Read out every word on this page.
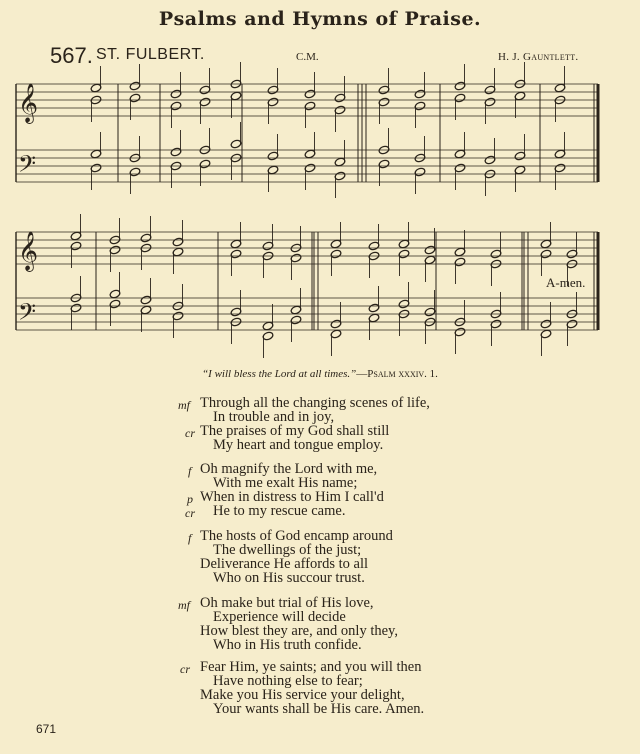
Psalms and Hymns of Praise.
567. ST. FULBERT.	C.M.	H. J. Gauntlett.
𝄞
𝄢
𝄞
𝄢
A-men.
“I will bless the Lord at all times.”—Psalm xxxiv. 1.
mf Through all the changing scenes of life,
In trouble and in joy,
cr The praises of my God shall still
My heart and tongue employ.
f Oh magnify the Lord with me,
With me exalt His name;
p When in distress to Him I call'd
cr He to my rescue came.
f The hosts of God encamp around
The dwellings of the just;
Deliverance He affords to all
Who on His succour trust.
mf Oh make but trial of His love,
Experience will decide
How blest they are, and only they,
Who in His truth confide.
cr Fear Him, ye saints; and you will then
Have nothing else to fear;
Make you His service your delight,
Your wants shall be His care. Amen.
671
